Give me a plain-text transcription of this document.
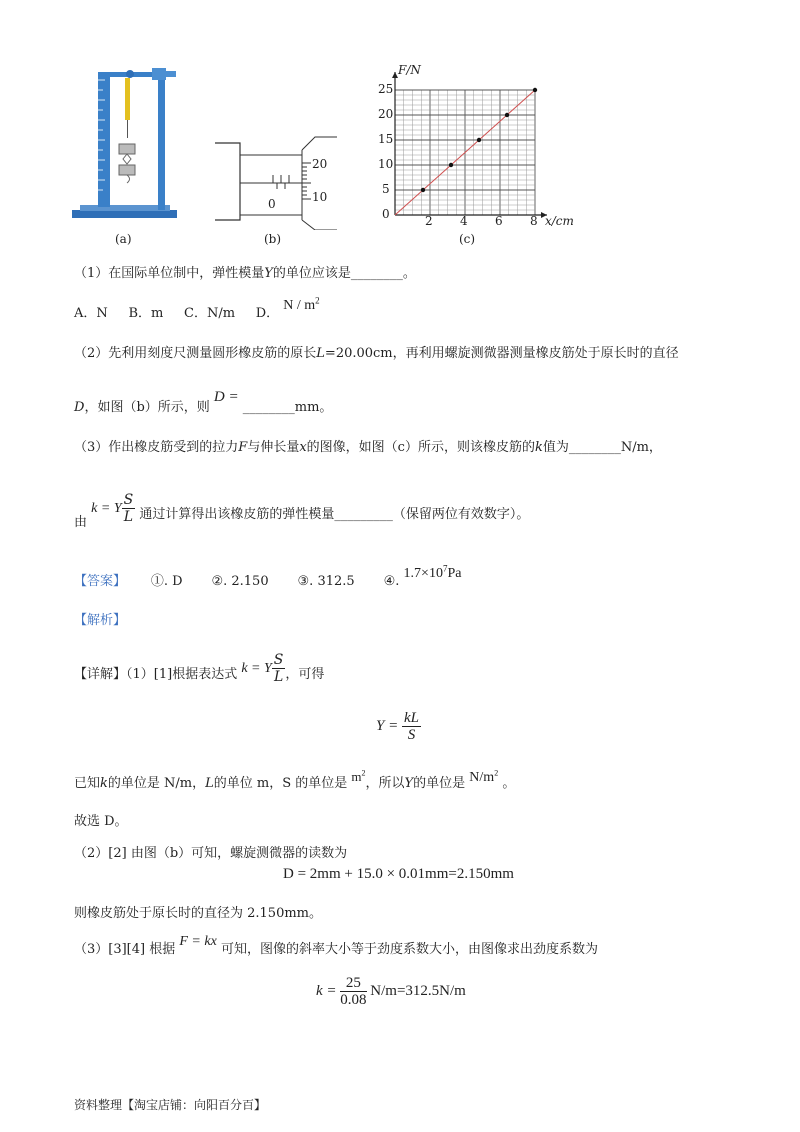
(a)
20
10
0
(b)
F/N
x/cm
25
20
15
10
5
0	2 4 6 8
(c)
（1）在国际单位制中，弹性模量Y的单位应该是________。
A．N B．m C．N/m D． N / $m^2$
（2）先利用刻度尺测量圆形橡皮筋的原长L=20.00cm，再利用螺旋测微器测量橡皮筋处于原长时的直径
D，如图（b）所示，则 D = ________mm。
（3）作出橡皮筋受到的拉力F与伸长量x的图像，如图（c）所示，则该橡皮筋的k值为________N/m，
由 k = Y $\frac{S}{L}$ 通过计算得出该橡皮筋的弹性模量_________（保留两位有效数字）。
【答案】 ①. D ②. 2.150 ③. 312.5 ④. $1.7\times 10^7Pa$
【解析】
【详解】（1）[1]根据表达式 k = Y $\frac{S}{L}$ ，可得
$Y = \frac{kL}{S}$
已知k的单位是 N/m，L的单位 m，S 的单位是 $m^2$，所以Y的单位是 $N/m^2$ 。
故选 D。
（2）[2] 由图（b）可知，螺旋测微器的读数为
D = 2mm + 15.0 × 0.01mm=2.150mm
则橡皮筋处于原长时的直径为 2.150mm。
（3）[3][4] 根据 F = kx 可知，图像的斜率大小等于劲度系数大小，由图像求出劲度系数为
$k = \frac{25}{0.08} N/m=312.5N/m$
资料整理【淘宝店铺：向阳百分百】
